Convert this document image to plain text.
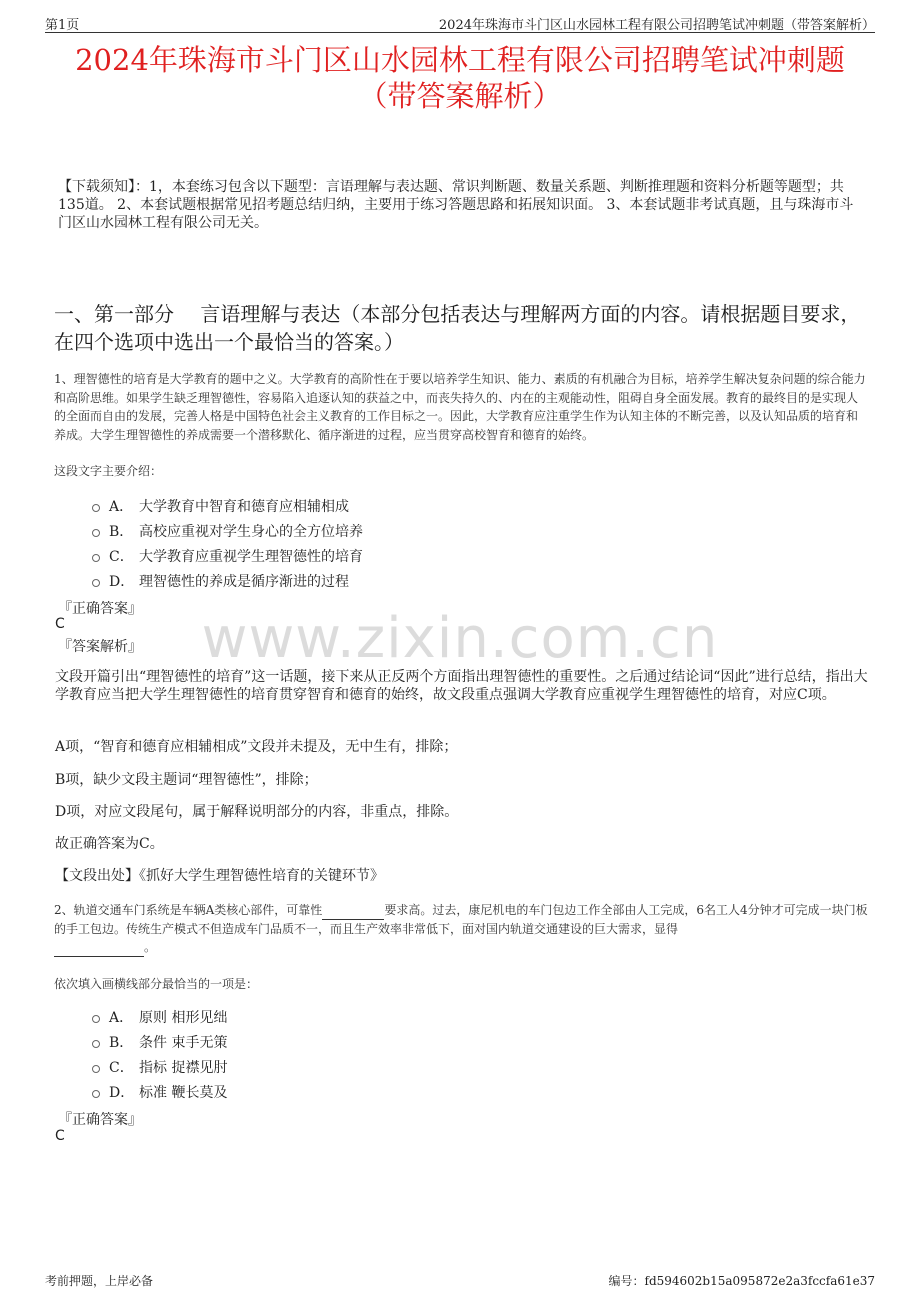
第1页	2024年珠海市斗门区山水园林工程有限公司招聘笔试冲刺题（带答案解析）
2024年珠海市斗门区山水园林工程有限公司招聘笔试冲刺题
（带答案解析）
【下载须知】：1，本套练习包含以下题型：言语理解与表达题、常识判断题、数量关系题、判断推理题和资料分析题等题型；共135道。 2、本套试题根据常见招考题总结归纳，主要用于练习答题思路和拓展知识面。 3、本套试题非考试真题，且与珠海市斗门区山水园林工程有限公司无关。
一、第一部分　 言语理解与表达（本部分包括表达与理解两方面的内容。请根据题目要求，在四个选项中选出一个最恰当的答案。）
1、理智德性的培育是大学教育的题中之义。大学教育的高阶性在于要以培养学生知识、能力、素质的有机融合为目标，培养学生解决复杂问题的综合能力和高阶思维。如果学生缺乏理智德性，容易陷入追逐认知的获益之中，而丧失持久的、内在的主观能动性，阻碍自身全面发展。教育的最终目的是实现人的全面而自由的发展，完善人格是中国特色社会主义教育的工作目标之一。因此，大学教育应注重学生作为认知主体的不断完善，以及认知品质的培育和养成。大学生理智德性的养成需要一个潜移默化、循序渐进的过程，应当贯穿高校智育和德育的始终。
这段文字主要介绍：
A． 大学教育中智育和德育应相辅相成
B． 高校应重视对学生身心的全方位培养
C． 大学教育应重视学生理智德性的培育
D． 理智德性的养成是循序渐进的过程
『正确答案』
C
『答案解析』	www.zixin.com.cn
文段开篇引出“理智德性的培育”这一话题，接下来从正反两个方面指出理智德性的重要性。之后通过结论词“因此”进行总结，指出大学教育应当把大学生理智德性的培育贯穿智育和德育的始终，故文段重点强调大学教育应重视学生理智德性的培育，对应C项。
A项，“智育和德育应相辅相成”文段并未提及，无中生有，排除；
B项，缺少文段主题词“理智德性”，排除；
D项，对应文段尾句，属于解释说明部分的内容，非重点，排除。
故正确答案为C。
【文段出处】《抓好大学生理智德性培育的关键环节》
2、轨道交通车门系统是车辆A类核心部件，可靠性	要求高。过去，康尼机电的车门包边工作全部由人工完成，6名工人4分钟才可完成一块门板的手工包边。传统生产模式不但造成车门品质不一，而且生产效率非常低下，面对国内轨道交通建设的巨大需求，显得
。
依次填入画横线部分最恰当的一项是：
A． 原则 相形见绌
B． 条件 束手无策
C． 指标 捉襟见肘
D． 标准 鞭长莫及
『正确答案』
C
考前押题，上岸必备	编号：fd594602b15a095872e2a3fccfa61e37
